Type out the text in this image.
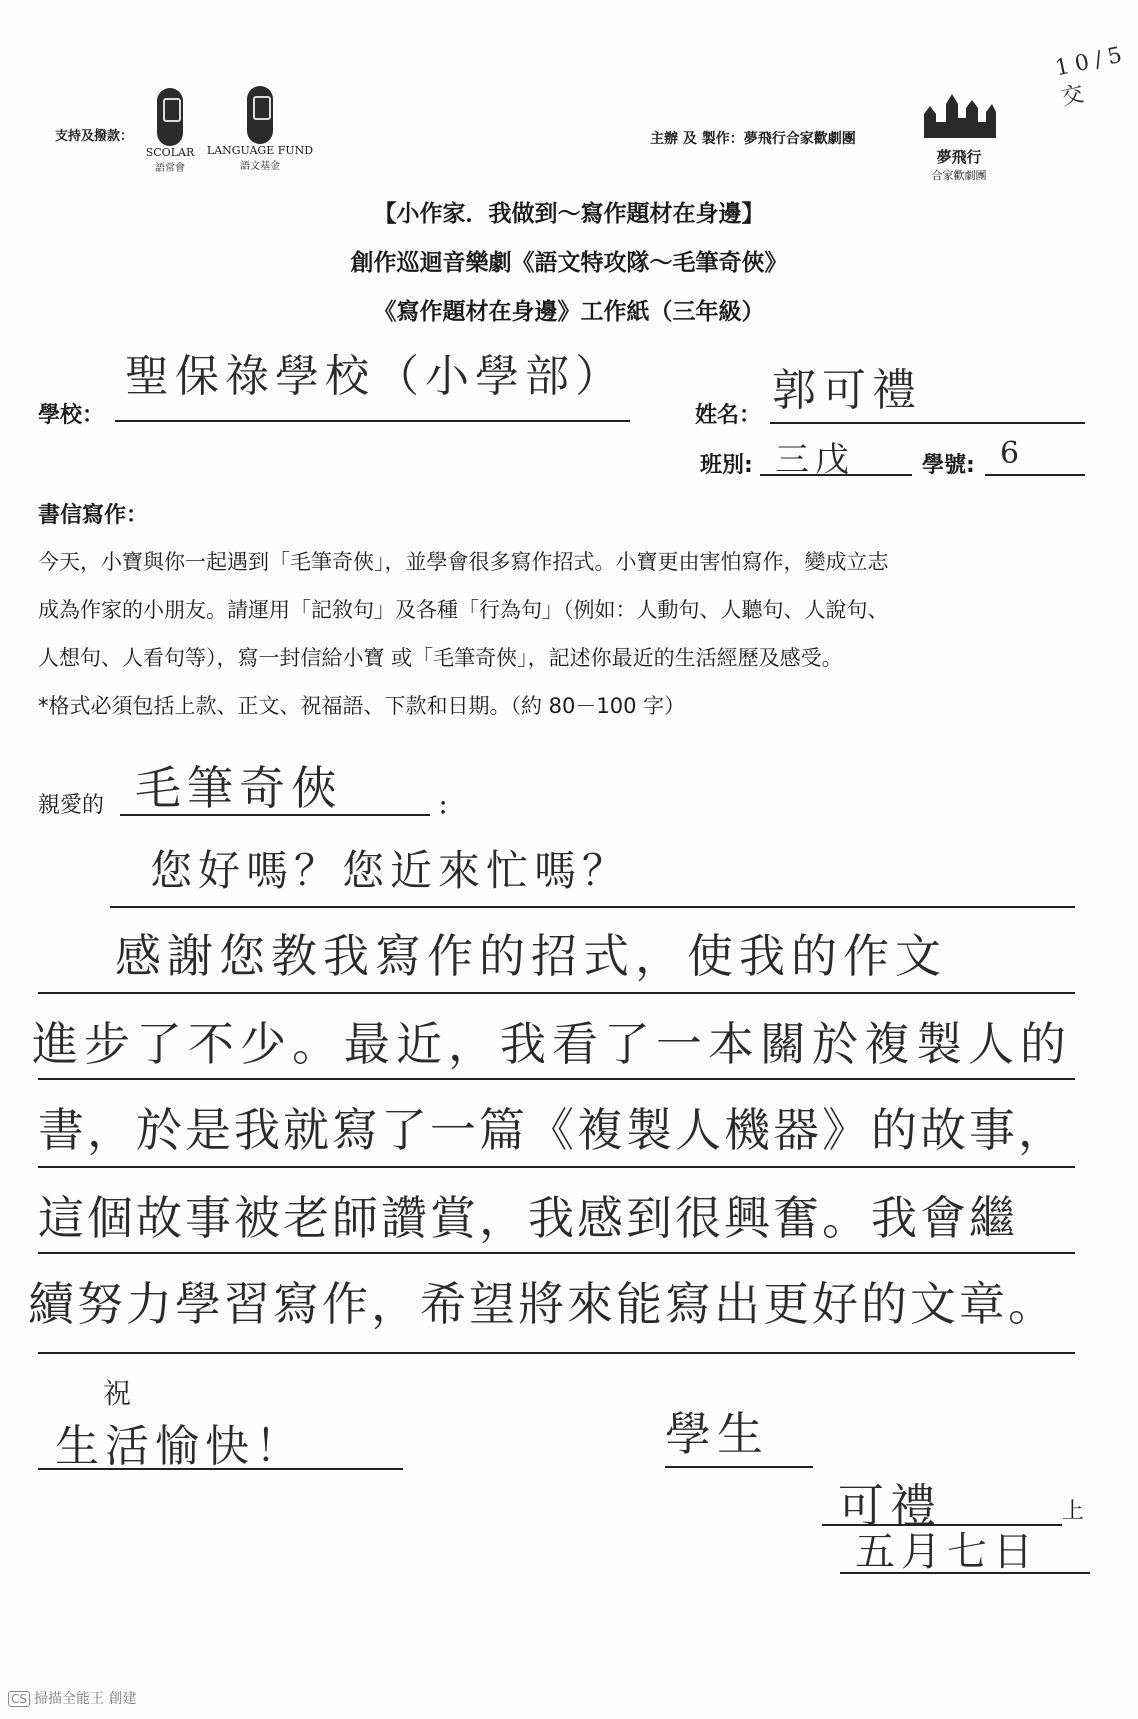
10/5交
支持及撥款：
SCOLAR
語常會
LANGUAGE FUND
語文基金
主辦 及 製作：夢飛行合家歡劇團
夢飛行
合家歡劇團
【小作家．我做到～寫作題材在身邊】
創作巡迴音樂劇《語文特攻隊～毛筆奇俠》
《寫作題材在身邊》工作紙（三年級）
學校：
聖保祿學校（小學部）
姓名： 郭可禮
班別: 三戊	學號: 6
書信寫作：
今天，小寶與你一起遇到「毛筆奇俠」，並學會很多寫作招式。小寶更由害怕寫作，變成立志
成為作家的小朋友。請運用「記敘句」及各種「行為句」（例如：人動句、人聽句、人說句、
人想句、人看句等），寫一封信給小寶 或「毛筆奇俠」，記述你最近的生活經歷及感受。
*格式必須包括上款、正文、祝福語、下款和日期。（約 80－100 字）
親愛的 毛筆奇俠	：
您好嗎？您近來忙嗎？
感謝您教我寫作的招式，使我的作文
進步了不少。最近，我看了一本關於複製人的
書，於是我就寫了一篇《複製人機器》的故事，
這個故事被老師讚賞，我感到很興奮。我會繼
續努力學習寫作，希望將來能寫出更好的文章。
祝
生活愉快！	學生
可禮	上
五月七日
CS 掃描全能王 創建
